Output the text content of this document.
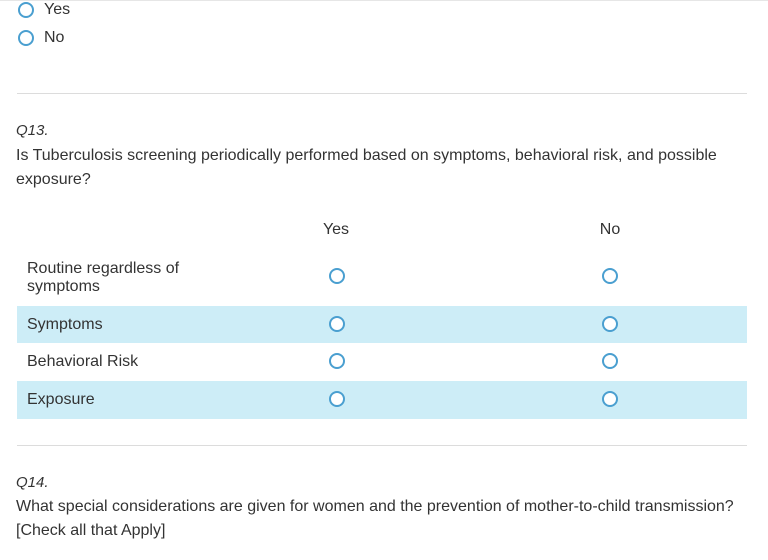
Yes
No
Q13.
Is Tuberculosis screening periodically performed based on symptoms, behavioral risk, and possible exposure?
Yes	No
Routine regardless of symptoms
Symptoms
Behavioral Risk
Exposure
Q14.
What special considerations are given for women and the prevention of mother-to-child transmission? [Check all that Apply]
